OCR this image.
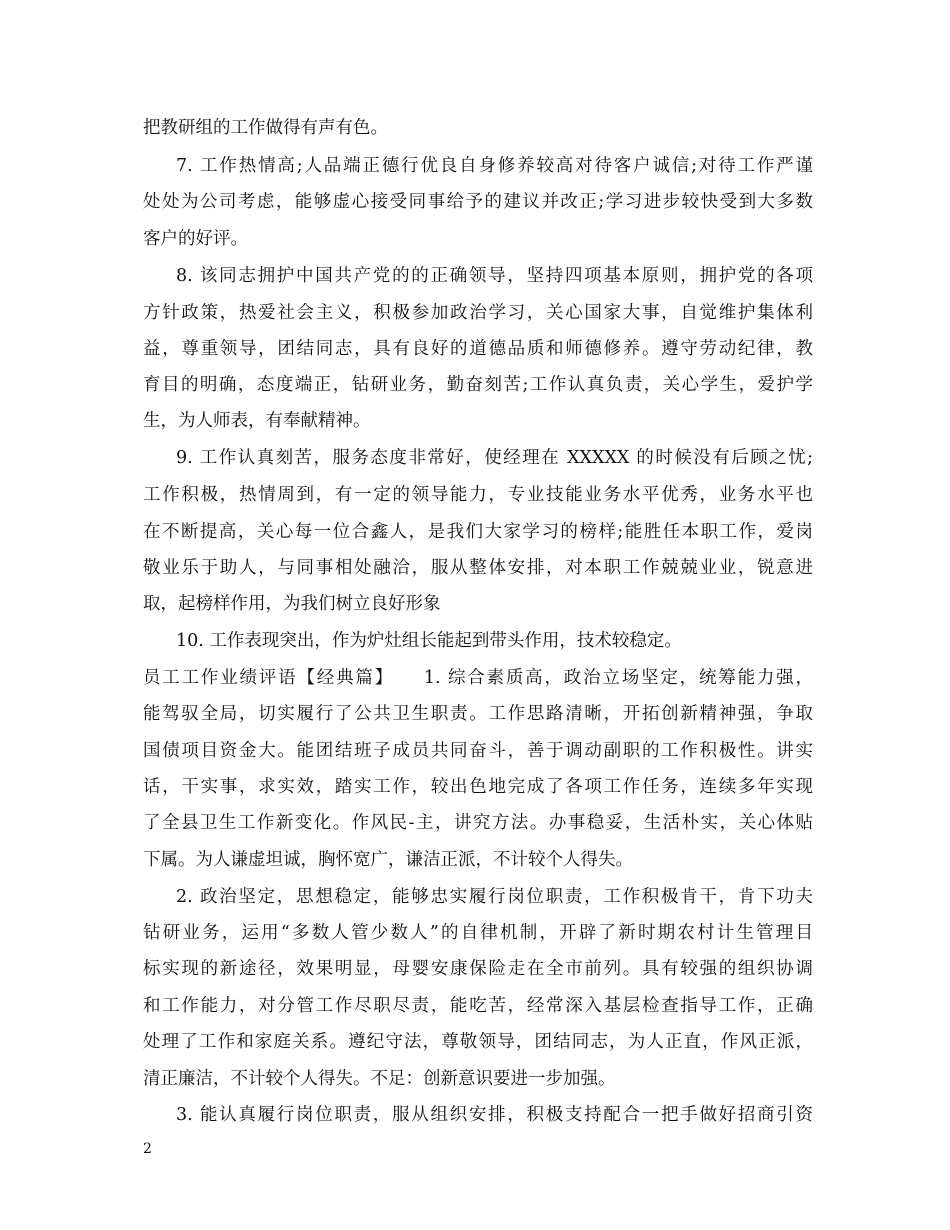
把教研组的工作做得有声有色。
7. 工作热情高;人品端正德行优良自身修养较高对待客户诚信;对待工作严谨
处处为公司考虑，能够虚心接受同事给予的建议并改正;学习进步较快受到大多数
客户的好评。
8. 该同志拥护中国共产党的的正确领导，坚持四项基本原则，拥护党的各项
方针政策，热爱社会主义，积极参加政治学习，关心国家大事，自觉维护集体利
益，尊重领导，团结同志，具有良好的道德品质和师德修养。遵守劳动纪律，教
育目的明确，态度端正，钻研业务，勤奋刻苦;工作认真负责，关心学生，爱护学
生，为人师表，有奉献精神。
9. 工作认真刻苦，服务态度非常好，使经理在 XXXXX 的时候没有后顾之忧;
工作积极，热情周到，有一定的领导能力，专业技能业务水平优秀，业务水平也
在不断提高，关心每一位合鑫人，是我们大家学习的榜样;能胜任本职工作，爱岗
敬业乐于助人，与同事相处融洽，服从整体安排，对本职工作兢兢业业，锐意进
取，起榜样作用，为我们树立良好形象
10. 工作表现突出，作为炉灶组长能起到带头作用，技术较稳定。
员工工作业绩评语【经典篇】　　1. 综合素质高，政治立场坚定，统筹能力强，
能驾驭全局，切实履行了公共卫生职责。工作思路清晰，开拓创新精神强，争取
国债项目资金大。能团结班子成员共同奋斗，善于调动副职的工作积极性。讲实
话，干实事，求实效，踏实工作，较出色地完成了各项工作任务，连续多年实现
了全县卫生工作新变化。作风民-主，讲究方法。办事稳妥，生活朴实，关心体贴
下属。为人谦虚坦诚，胸怀宽广，谦洁正派，不计较个人得失。
2. 政治坚定，思想稳定，能够忠实履行岗位职责，工作积极肯干，肯下功夫
钻研业务，运用“多数人管少数人”的自律机制，开辟了新时期农村计生管理目
标实现的新途径，效果明显，母婴安康保险走在全市前列。具有较强的组织协调
和工作能力，对分管工作尽职尽责，能吃苦，经常深入基层检查指导工作，正确
处理了工作和家庭关系。遵纪守法，尊敬领导，团结同志，为人正直，作风正派，
清正廉洁，不计较个人得失。不足：创新意识要进一步加强。
3. 能认真履行岗位职责，服从组织安排，积极支持配合一把手做好招商引资
2
